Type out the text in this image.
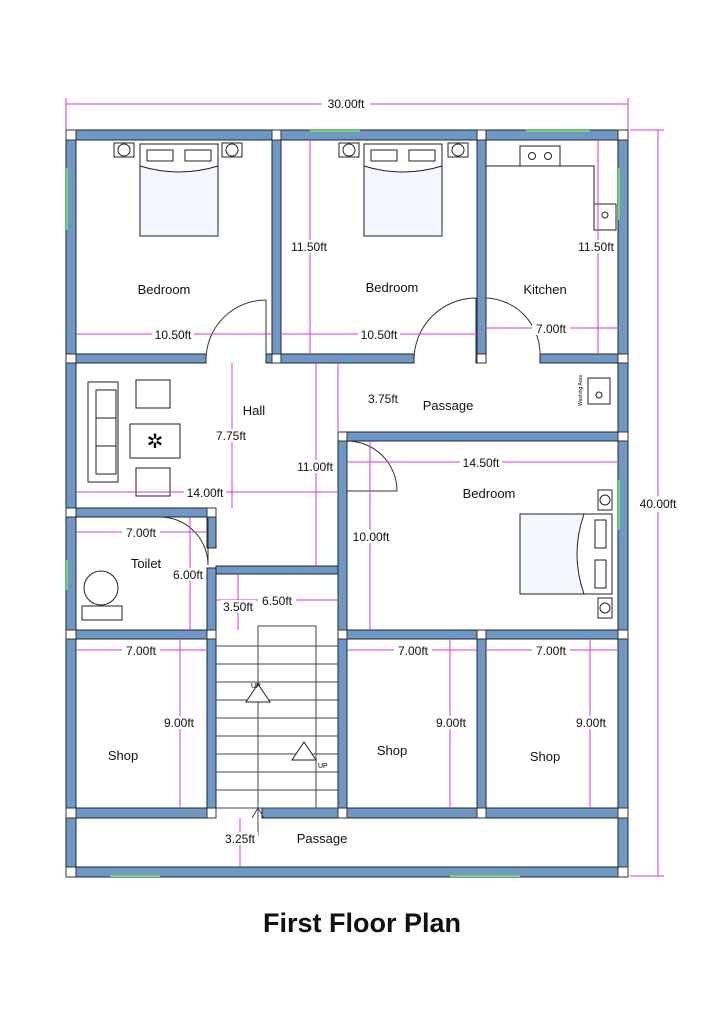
30.00ft
40.00ft
✲
Bedroom	Bedroom	Kitchen
Hall	Passage	Washing Area
Bedroom
Toilet
Shop	Shop	Shop
Passage
UP
UP
10.50ft	10.50ft
11.50ft	11.50ft
7.00ft
7.75ft
14.00ft
3.75ft
11.00ft	14.50ft
10.00ft
7.00ft
6.00ft
3.50ft 6.50ft
7.00ft
9.00ft
7.00ft
9.00ft
7.00ft
9.00ft
3.25ft
First Floor Plan
